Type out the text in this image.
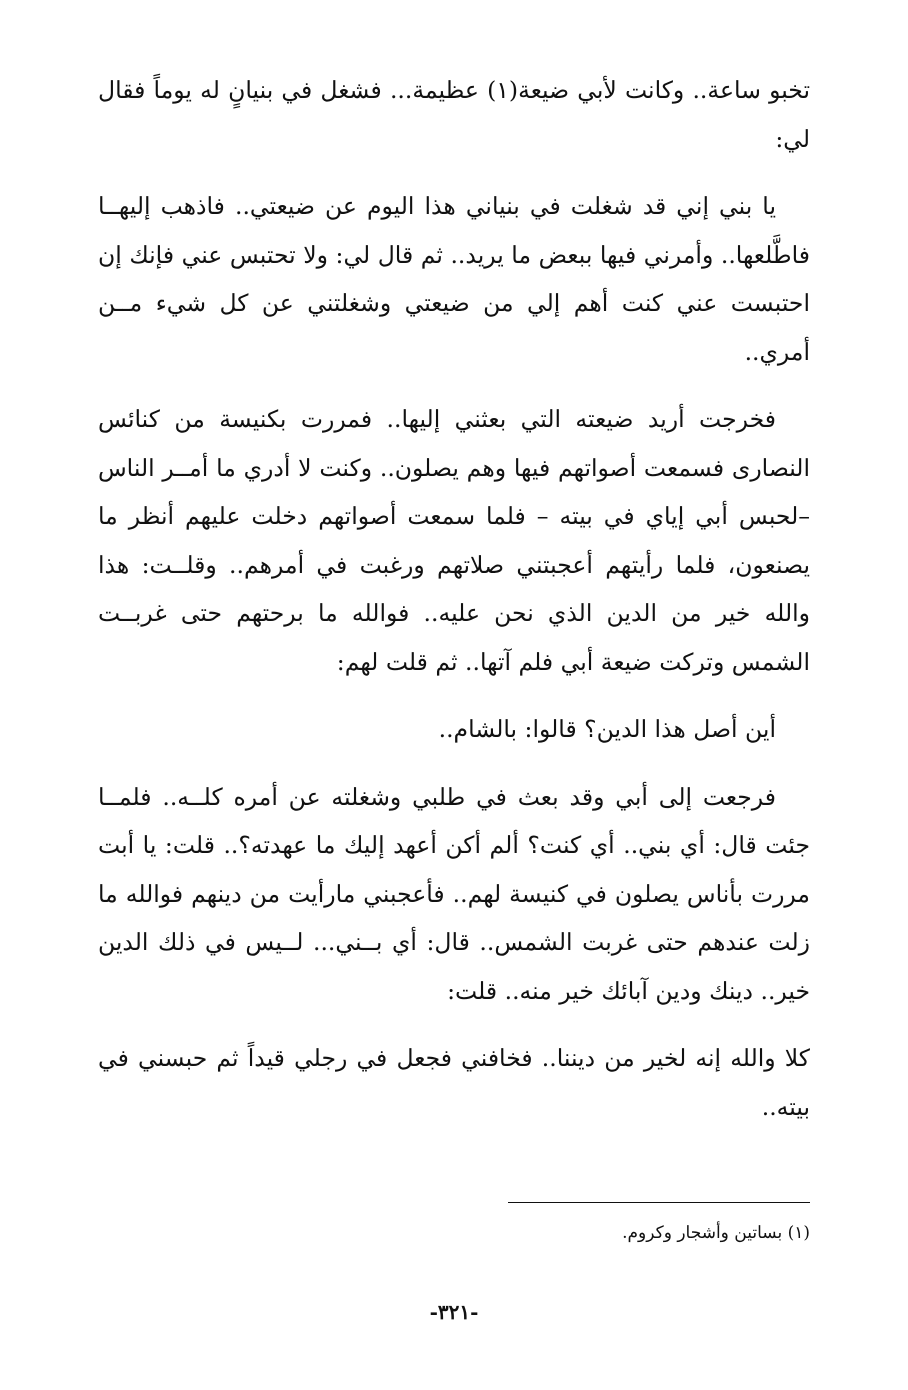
تخبو ساعة.. وكانت لأبي ضيعة(١) عظيمة... فشغل في بنيانٍ له يوماً فقال لي:

يا بني إني قد شغلت في بنياني هذا اليوم عن ضيعتي.. فاذهب إليهــا فاطَّلعها.. وأمرني فيها ببعض ما يريد.. ثم قال لي: ولا تحتبس عني فإنك إن احتبست عني كنت أهم إلي من ضيعتي وشغلتني عن كل شيء مــن أمري..

فخرجت أريد ضيعته التي بعثني إليها.. فمررت بكنيسة من كنائس النصارى فسمعت أصواتهم فيها وهم يصلون.. وكنت لا أدري ما أمــر الناس –لحبس أبي إياي في بيته – فلما سمعت أصواتهم دخلت عليهم أنظر ما يصنعون، فلما رأيتهم أعجبتني صلاتهم ورغبت في أمرهم.. وقلــت: هذا والله خير من الدين الذي نحن عليه.. فوالله ما برحتهم حتى غربــت الشمس وتركت ضيعة أبي فلم آتها.. ثم قلت لهم:

أين أصل هذا الدين؟ قالوا: بالشام..

فرجعت إلى أبي وقد بعث في طلبي وشغلته عن أمره كلــه.. فلمــا جئت قال: أي بني.. أي كنت؟ ألم أكن أعهد إليك ما عهدته؟.. قلت: يا أبت مررت بأناس يصلون في كنيسة لهم.. فأعجبني مارأيت من دينهم فوالله ما زلت عندهم حتى غربت الشمس.. قال: أي بــني... لــيس في ذلك الدين خير.. دينك ودين آبائك خير منه.. قلت:

كلا والله إنه لخير من ديننا.. فخافني فجعل في رجلي قيداً ثم حبسني في بيته..

(١) بساتين وأشجار وكروم.
-٣٢١-
